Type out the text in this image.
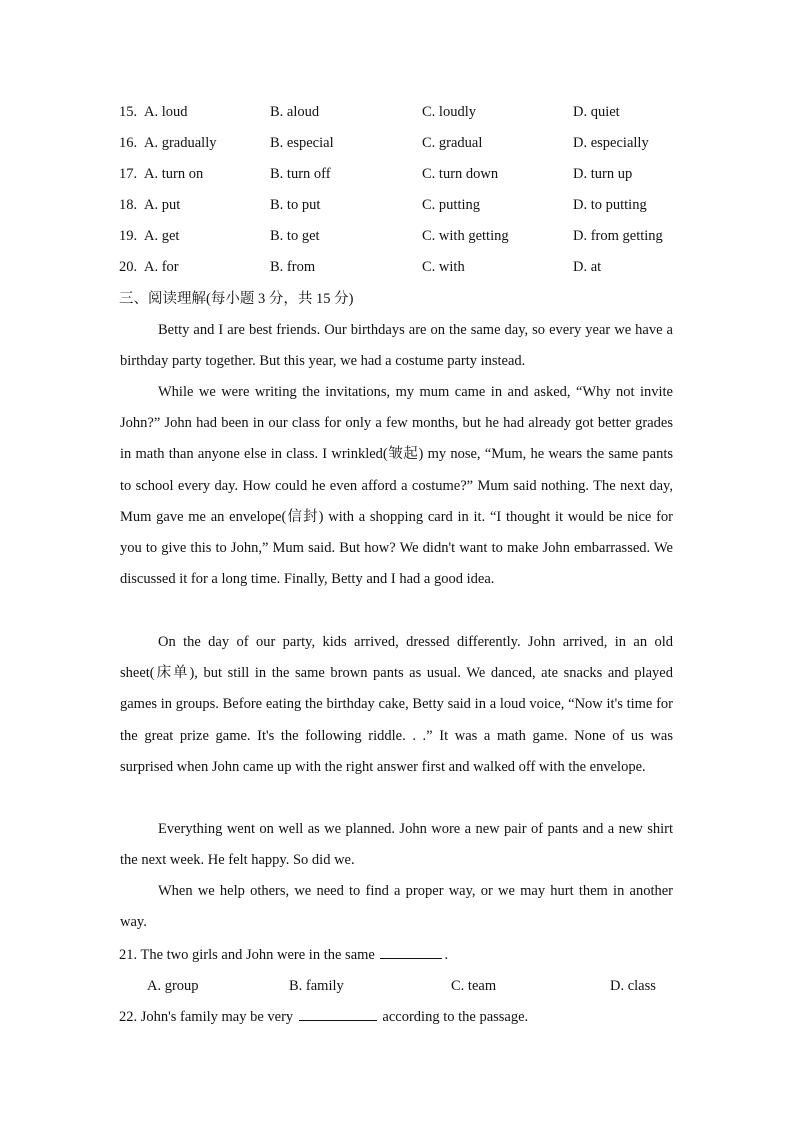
15. A. loud	B. aloud	C. loudly	D. quiet
16. A. gradually	B. especial	C. gradual	D. especially
17. A. turn on	B. turn off	C. turn down	D. turn up
18. A. put	B. to put	C. putting	D. to putting
19. A. get	B. to get	C. with getting	D. from getting
20. A. for	B. from	C. with	D. at
三、阅读理解(每小题 3 分，共 15 分)

Betty and I are best friends. Our birthdays are on the same day, so every year we have a birthday party together. But this year, we had a costume party instead.

While we were writing the invitations, my mum came in and asked, “Why not invite John?” John had been in our class for only a few months, but he had already got better grades in math than anyone else in class. I wrinkled(皱起) my nose, “Mum, he wears the same pants to school every day. How could he even afford a costume?” Mum said nothing. The next day, Mum gave me an envelope(信封) with a shopping card in it. “I thought it would be nice for you to give this to John,” Mum said. But how? We didn't want to make John embarrassed. We discussed it for a long time. Finally, Betty and I had a good idea.

On the day of our party, kids arrived, dressed differently. John arrived, in an old sheet(床单), but still in the same brown pants as usual. We danced, ate snacks and played games in groups. Before eating the birthday cake, Betty said in a loud voice, “Now it's time for the great prize game. It's the following riddle. . .” It was a math game. None of us was surprised when John came up with the right answer first and walked off with the envelope.

Everything went on well as we planned. John wore a new pair of pants and a new shirt the next week. He felt happy. So did we.

When we help others, we need to find a proper way, or we may hurt them in another way.

21. The two girls and John were in the same	.
A. group	B. family	C. team	D. class
22. John's family may be very	according to the passage.
